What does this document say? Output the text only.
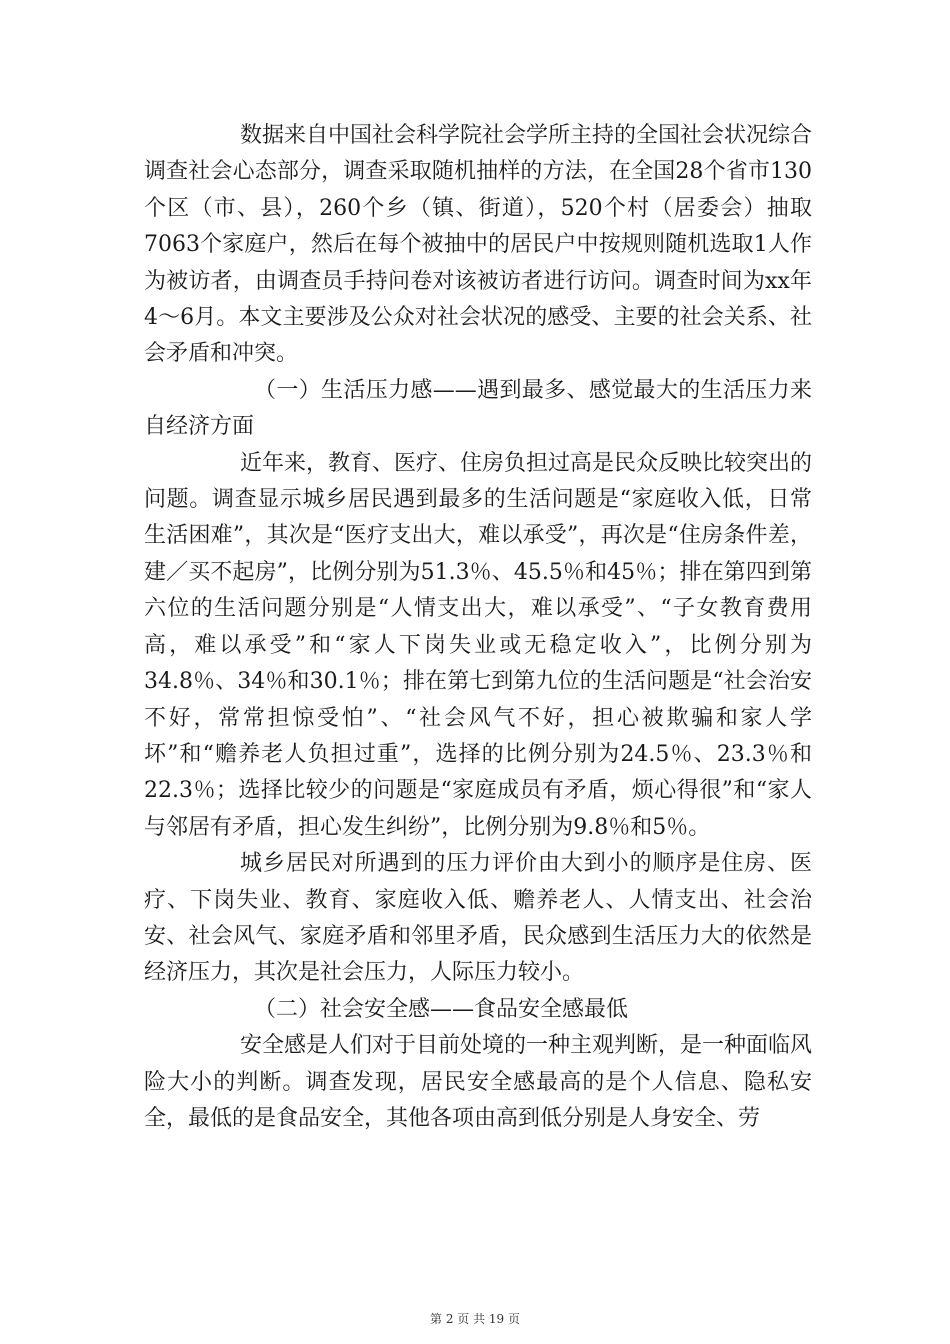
数据来自中国社会科学院社会学所主持的全国社会状况综合调查社会心态部分，调查采取随机抽样的方法，在全国28个省市130个区（市、县），260个乡（镇、街道），520个村（居委会）抽取7063个家庭户，然后在每个被抽中的居民户中按规则随机选取1人作为被访者，由调查员手持问卷对该被访者进行访问。调查时间为xx年4～6月。本文主要涉及公众对社会状况的感受、主要的社会关系、社会矛盾和冲突。

（一）生活压力感——遇到最多、感觉最大的生活压力来自经济方面

近年来，教育、医疗、住房负担过高是民众反映比较突出的问题。调查显示城乡居民遇到最多的生活问题是“家庭收入低，日常生活困难”，其次是“医疗支出大，难以承受”，再次是“住房条件差，建／买不起房”，比例分别为51.3％、45.5％和45％；排在第四到第六位的生活问题分别是“人情支出大，难以承受”、“子女教育费用高，难以承受”和“家人下岗失业或无稳定收入”，比例分别为34.8％、34％和30.1％；排在第七到第九位的生活问题是“社会治安不好，常常担惊受怕”、“社会风气不好，担心被欺骗和家人学坏”和“赡养老人负担过重”，选择的比例分别为24.5％、23.3％和22.3％；选择比较少的问题是“家庭成员有矛盾，烦心得很”和“家人与邻居有矛盾，担心发生纠纷”，比例分别为9.8％和5％。

城乡居民对所遇到的压力评价由大到小的顺序是住房、医疗、下岗失业、教育、家庭收入低、赡养老人、人情支出、社会治安、社会风气、家庭矛盾和邻里矛盾，民众感到生活压力大的依然是经济压力，其次是社会压力，人际压力较小。

（二）社会安全感——食品安全感最低

安全感是人们对于目前处境的一种主观判断，是一种面临风险大小的判断。调查发现，居民安全感最高的是个人信息、隐私安全，最低的是食品安全，其他各项由高到低分别是人身安全、劳

第 2 页 共 19 页
